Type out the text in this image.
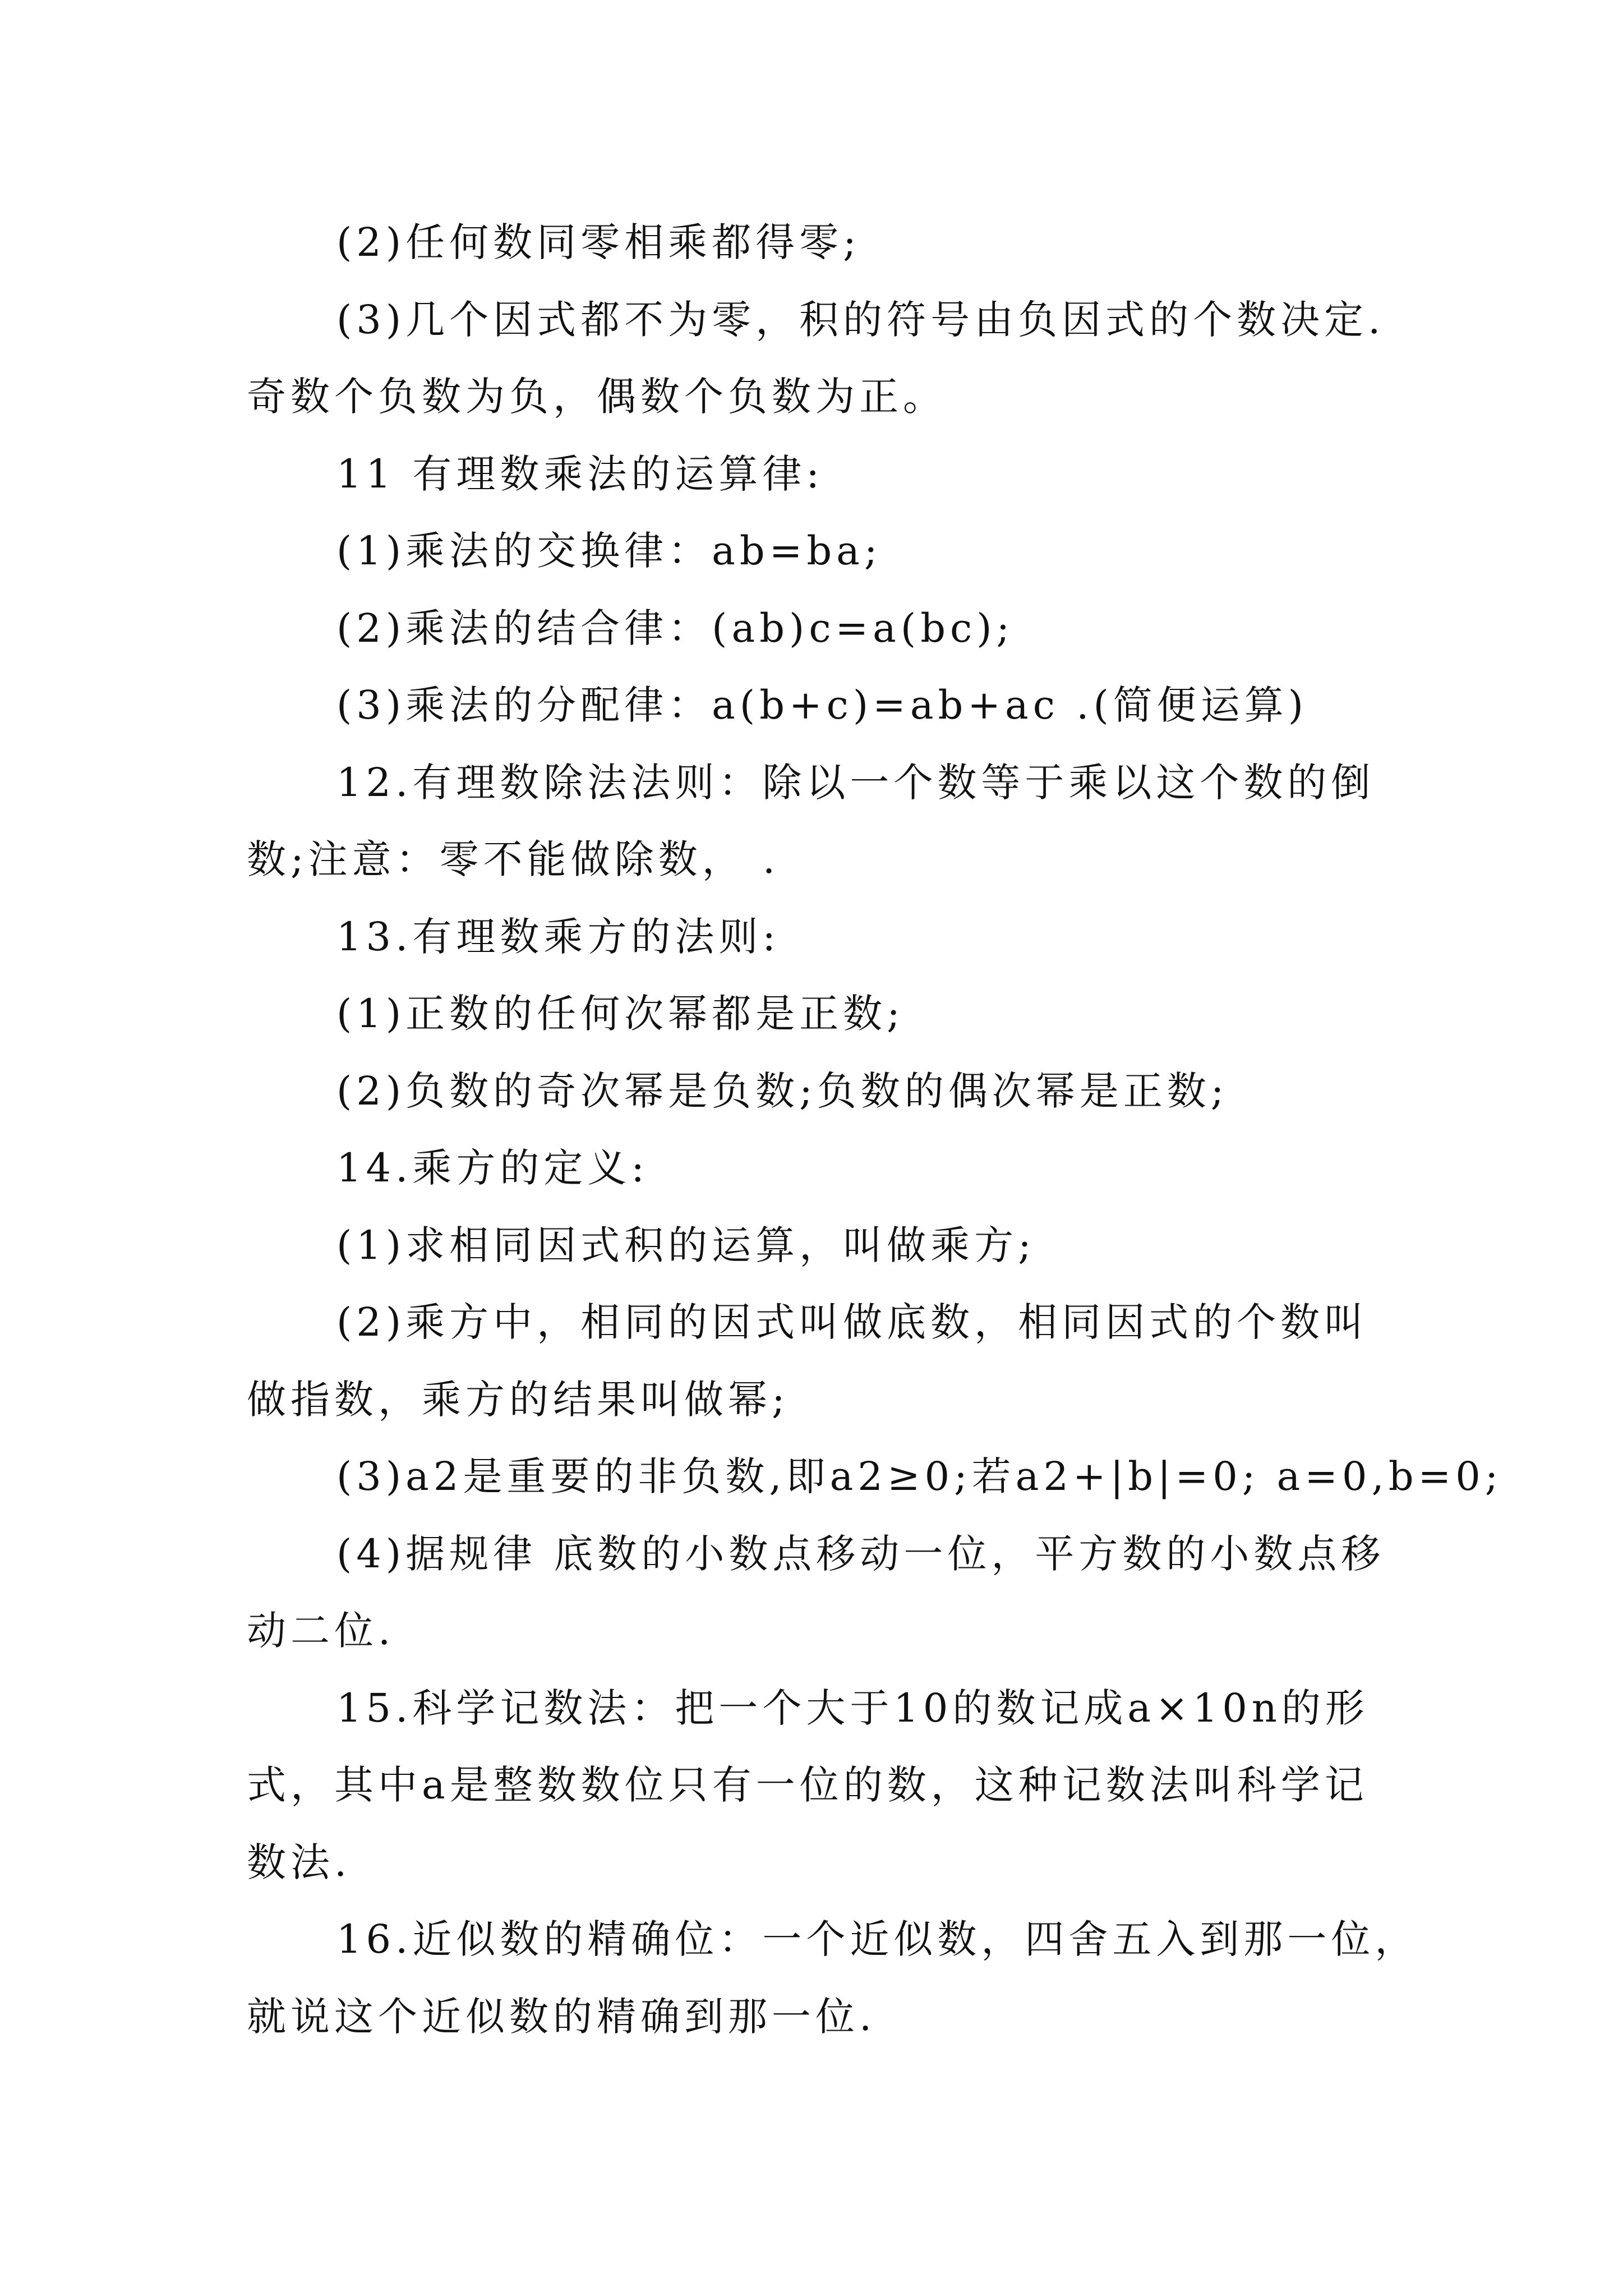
(2)任何数同零相乘都得零;
(3)几个因式都不为零，积的符号由负因式的个数决定.
奇数个负数为负，偶数个负数为正。
11 有理数乘法的运算律:
(1)乘法的交换律：ab=ba;
(2)乘法的结合律：(ab)c=a(bc);
(3)乘法的分配律：a(b+c)=ab+ac .(简便运算)
12.有理数除法法则：除以一个数等于乘以这个数的倒
数;注意：零不能做除数， .
13.有理数乘方的法则:
(1)正数的任何次幂都是正数;
(2)负数的奇次幂是负数;负数的偶次幂是正数;
14.乘方的定义:
(1)求相同因式积的运算，叫做乘方;
(2)乘方中，相同的因式叫做底数，相同因式的个数叫
做指数，乘方的结果叫做幂;
(3)a2是重要的非负数,即a2≥0;若a2+|b|=0; a=0,b=0;
(4)据规律 底数的小数点移动一位，平方数的小数点移
动二位.
15.科学记数法：把一个大于10的数记成a×10n的形
式，其中a是整数数位只有一位的数，这种记数法叫科学记
数法.
16.近似数的精确位：一个近似数，四舍五入到那一位，
就说这个近似数的精确到那一位.
